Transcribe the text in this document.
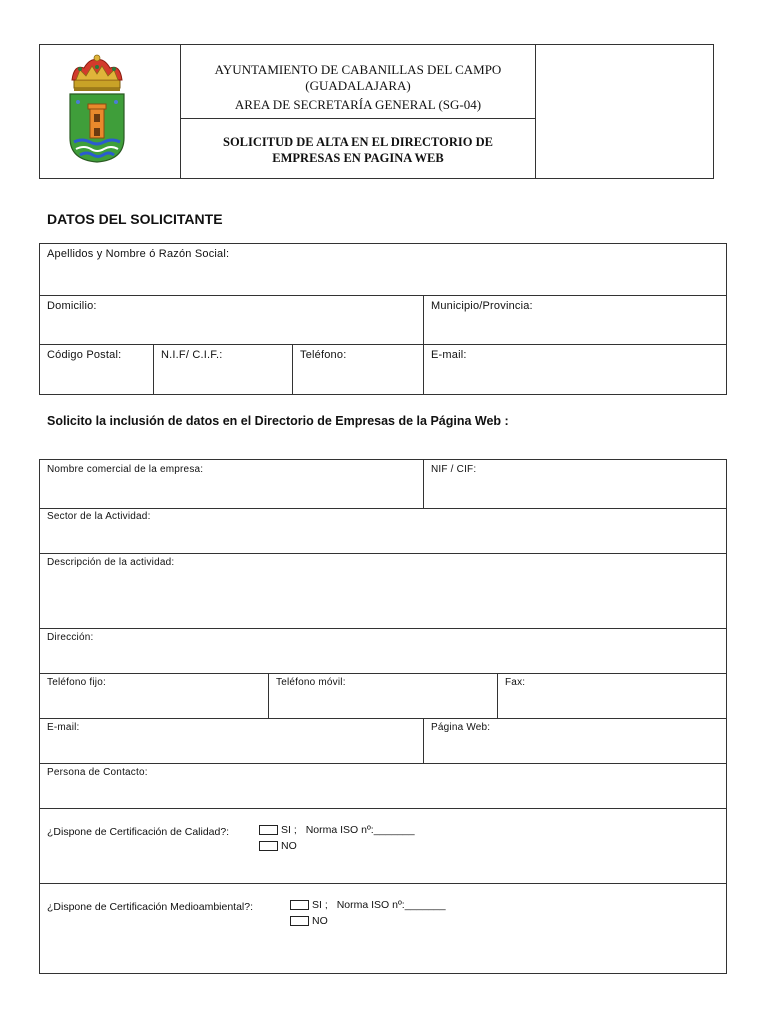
AYUNTAMIENTO DE CABANILLAS DEL CAMPO
(GUADALAJARA)
AREA DE SECRETARÍA GENERAL (SG-04)
SOLICITUD DE ALTA EN EL DIRECTORIO DE
EMPRESAS EN PAGINA WEB
DATOS DEL SOLICITANTE
Apellidos y Nombre ó Razón Social:
Domicilio:	Municipio/Provincia:
Código Postal:	N.I.F/ C.I.F.:	Teléfono:	E-mail:
Solicito la inclusión de datos en el Directorio de Empresas de la Página Web :
Nombre comercial de la empresa:	NIF / CIF:
Sector de la Actividad:
Descripción de la actividad:
Dirección:
Teléfono fijo:	Teléfono móvil:	Fax:
E-mail:	Página Web:
Persona de Contacto:
¿Dispone de Certificación de Calidad?:	SI ; Norma ISO nº:_______
NO
¿Dispone de Certificación Medioambiental?:	SI ; Norma ISO nº:_______
NO
